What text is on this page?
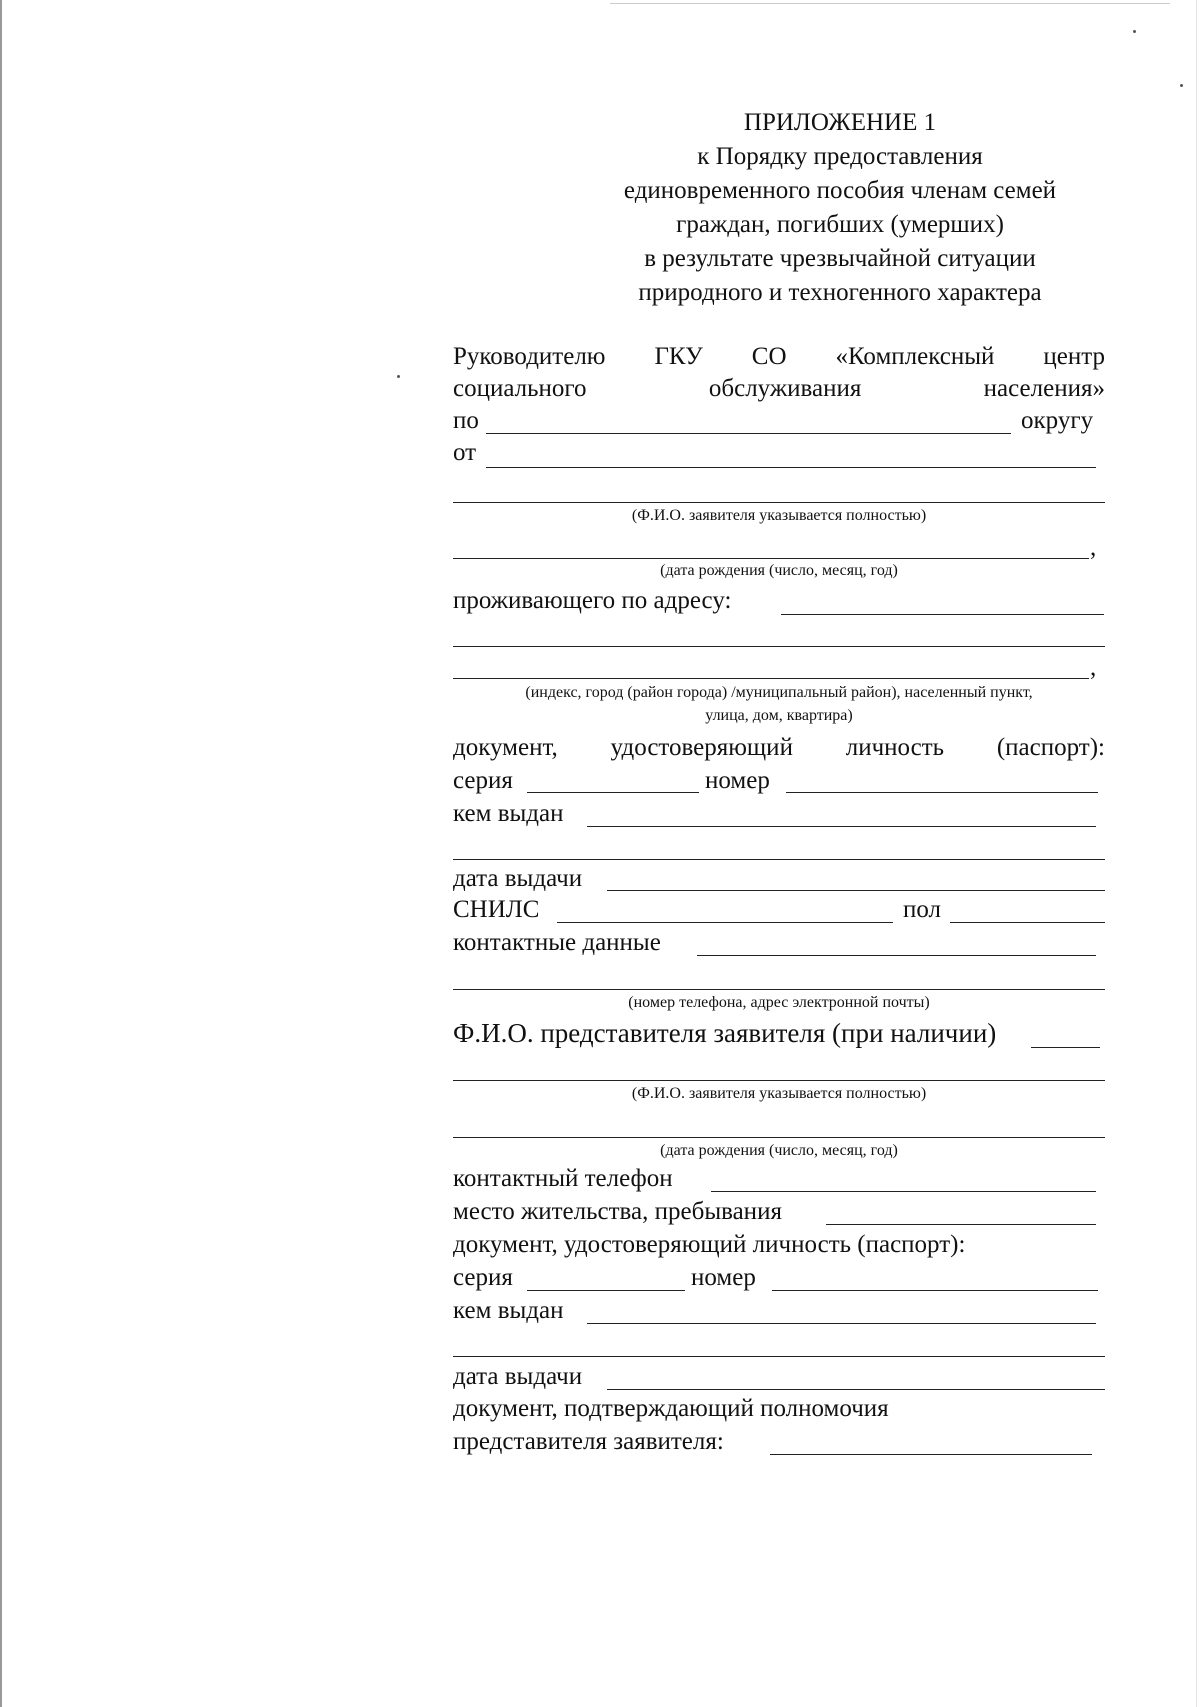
ПРИЛОЖЕНИЕ 1
к Порядку предоставления
единовременного пособия членам семей
граждан, погибших (умерших)
в результате чрезвычайной ситуации
природного и техногенного характера
Руководителю ГКУ СО «Комплексный центр
социального	обслуживания	населения»
по	округу
от
(Ф.И.О. заявителя указывается полностью)
,
(дата рождения (число, месяц, год)
проживающего по адресу:
,
(индекс, город (район города) /муниципальный район), населенный пункт,
улица, дом, квартира)
документ, удостоверяющий личность (паспорт):
серия	номер
кем выдан
дата выдачи
СНИЛС	пол
контактные данные
(номер телефона, адрес электронной почты)
Ф.И.О. представителя заявителя (при наличии)
(Ф.И.О. заявителя указывается полностью)
(дата рождения (число, месяц, год)
контактный телефон
место жительства, пребывания
документ, удостоверяющий личность (паспорт):
серия	номер
кем выдан
дата выдачи
документ, подтверждающий полномочия
представителя заявителя:
